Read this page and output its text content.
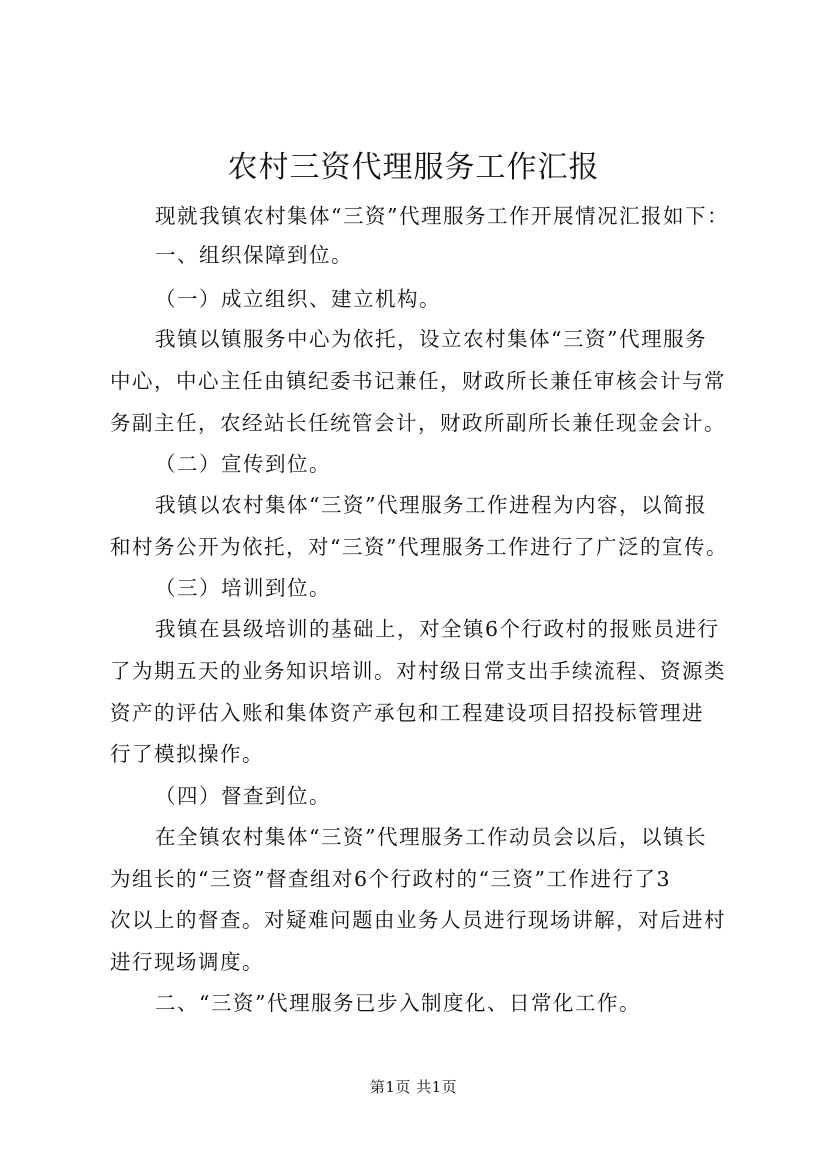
农村三资代理服务工作汇报
现就我镇农村集体“三资”代理服务工作开展情况汇报如下：
一、组织保障到位。
（一）成立组织、建立机构。
我镇以镇服务中心为依托，设立农村集体“三资”代理服务
中心，中心主任由镇纪委书记兼任，财政所长兼任审核会计与常
务副主任，农经站长任统管会计，财政所副所长兼任现金会计。
（二）宣传到位。
我镇以农村集体“三资”代理服务工作进程为内容，以简报
和村务公开为依托，对“三资”代理服务工作进行了广泛的宣传。
（三）培训到位。
我镇在县级培训的基础上，对全镇6个行政村的报账员进行
了为期五天的业务知识培训。对村级日常支出手续流程、资源类
资产的评估入账和集体资产承包和工程建设项目招投标管理进
行了模拟操作。
（四）督查到位。
在全镇农村集体“三资”代理服务工作动员会以后，以镇长
为组长的“三资”督查组对6个行政村的“三资”工作进行了3
次以上的督查。对疑难问题由业务人员进行现场讲解，对后进村
进行现场调度。
二、“三资”代理服务已步入制度化、日常化工作。
第1页 共1页
